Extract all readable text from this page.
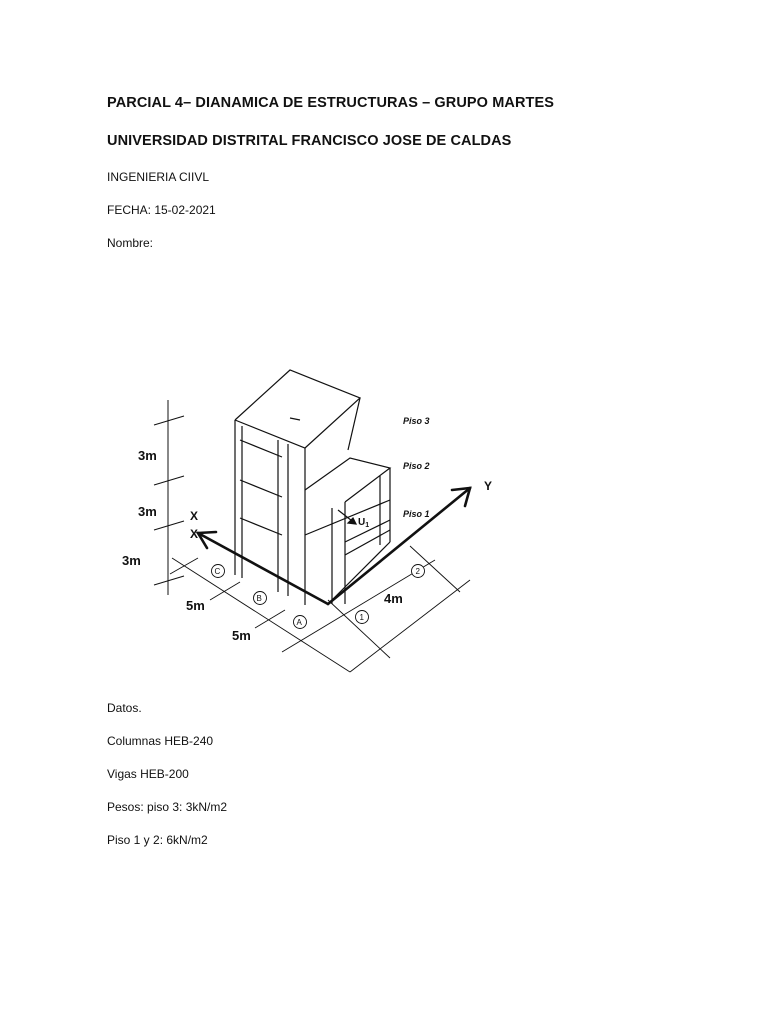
PARCIAL 4– DIANAMICA DE ESTRUCTURAS – GRUPO MARTES

UNIVERSIDAD DISTRITAL FRANCISCO JOSE DE CALDAS

INGENIERIA CIIVL

FECHA: 15-02-2021

Nombre:

3m
3m
3m
X
X
Y
C
B
A
1
2
5m
5m
4m
Piso 3
Piso 2
Piso 1
$U_1$

Datos.

Columnas HEB-240

Vigas HEB-200

Pesos: piso 3: 3kN/m2

Piso 1 y 2: 6kN/m2
